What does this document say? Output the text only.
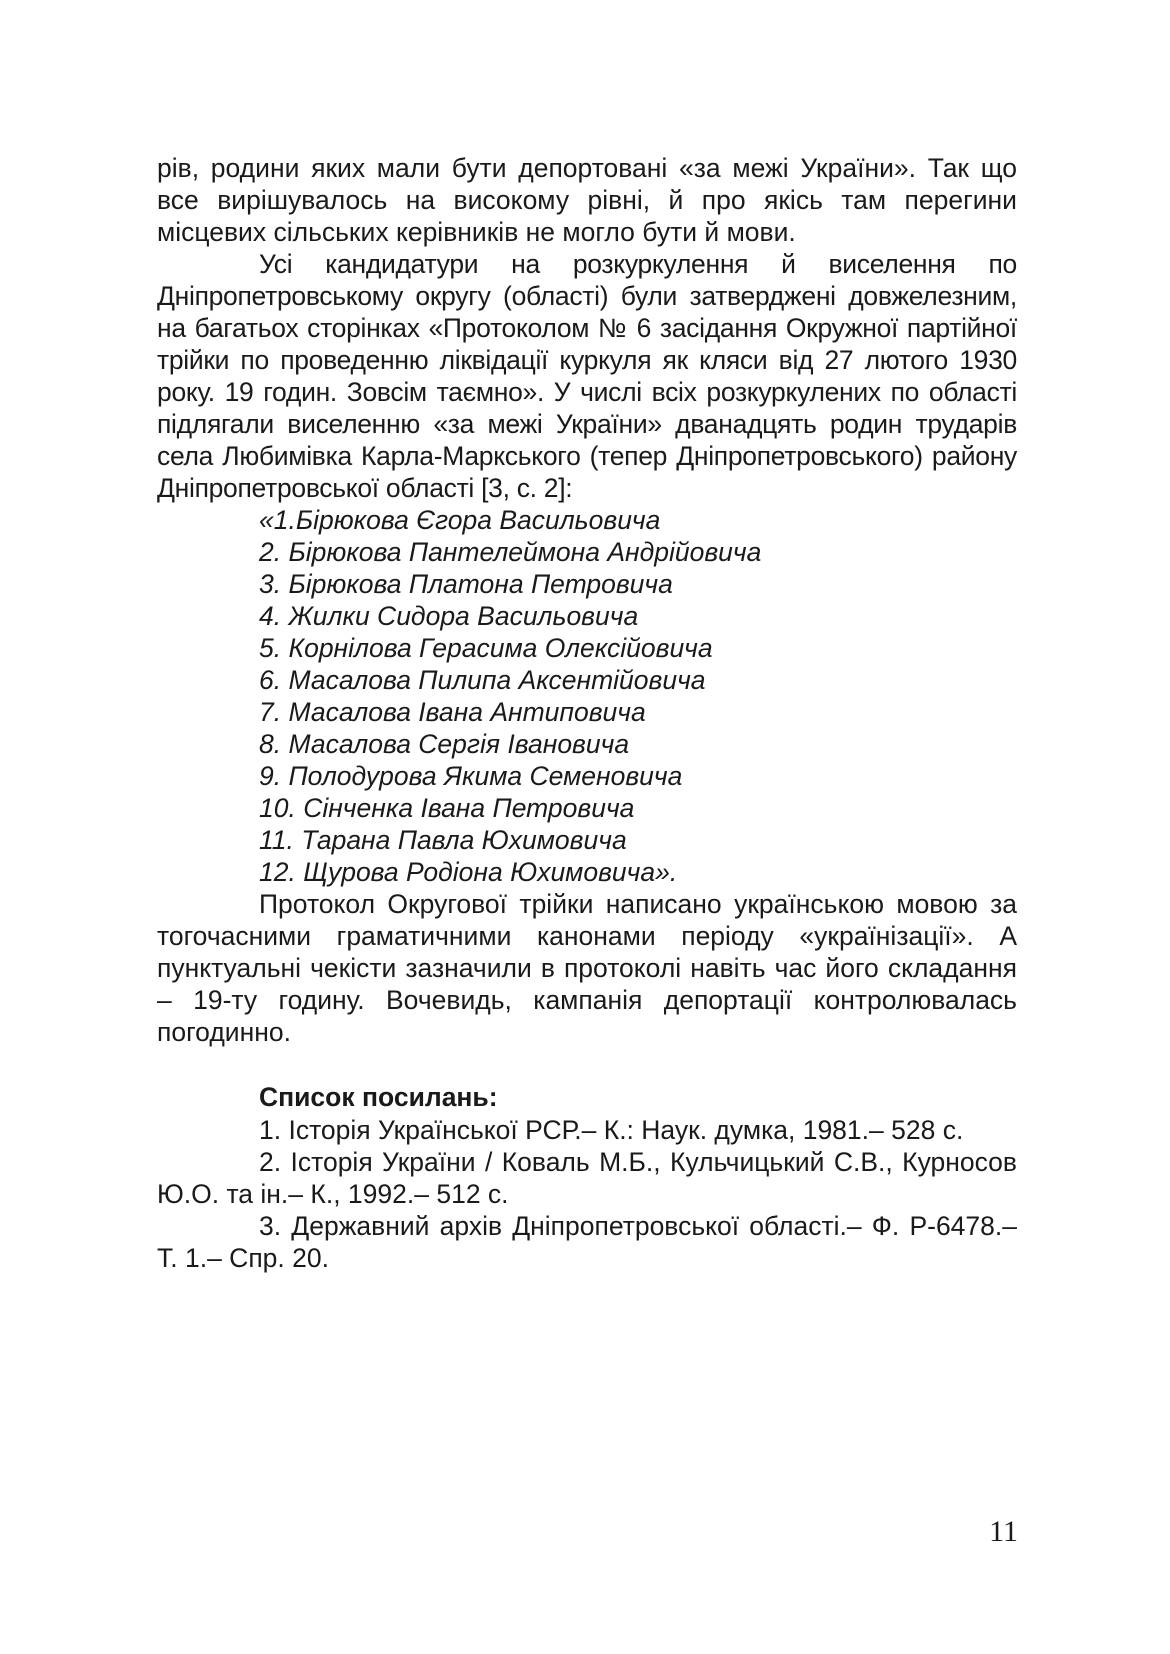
рів, родини яких мали бути депортовані «за межі України». Так що все вирішувалось на високому рівні, й про якісь там перегини місцевих сільських керівників не могло бути й мови.

Усі кандидатури на розкуркулення й виселення по Дніпропетровському округу (області) були затверджені довжелезним, на багатьох сторінках «Протоколом № 6 засідання Окружної партійної трійки по проведенню ліквідації куркуля як кляси від 27 лютого 1930 року. 19 годин. Зовсім таємно». У числі всіх розкуркулених по області підлягали виселенню «за межі України» дванадцять родин трударів села Любимівка Карла-Маркського (тепер Дніпропетровського) району Дніпропетровської області [3, с. 2]:

«1.Бірюкова Єгора Васильовича
2. Бірюкова Пантелеймона Андрійовича
3. Бірюкова Платона Петровича
4. Жилки Сидора Васильовича
5. Корнілова Герасима Олексійовича
6. Масалова Пилипа Аксентійовича
7. Масалова Івана Антиповича
8. Масалова Сергія Івановича
9. Полодурова Якима Семеновича
10. Сінченка Івана Петровича
11. Тарана Павла Юхимовича
12. Щурова Родіона Юхимовича».

Протокол Округової трійки написано українською мовою за тогочасними граматичними канонами періоду «українізації». А пунктуальні чекісти зазначили в протоколі навіть час його складання – 19-ту годину. Вочевидь, кампанія депортації контролювалась погодинно.

Список посилань:

1. Історія Української РСР.– К.: Наук. думка, 1981.– 528 с.

2. Історія України / Коваль М.Б., Кульчицький С.В., Курносов Ю.О. та ін.– К., 1992.– 512 с.

3. Державний архів Дніпропетровської області.– Ф. Р-6478.– Т. 1.– Спр. 20.

11
